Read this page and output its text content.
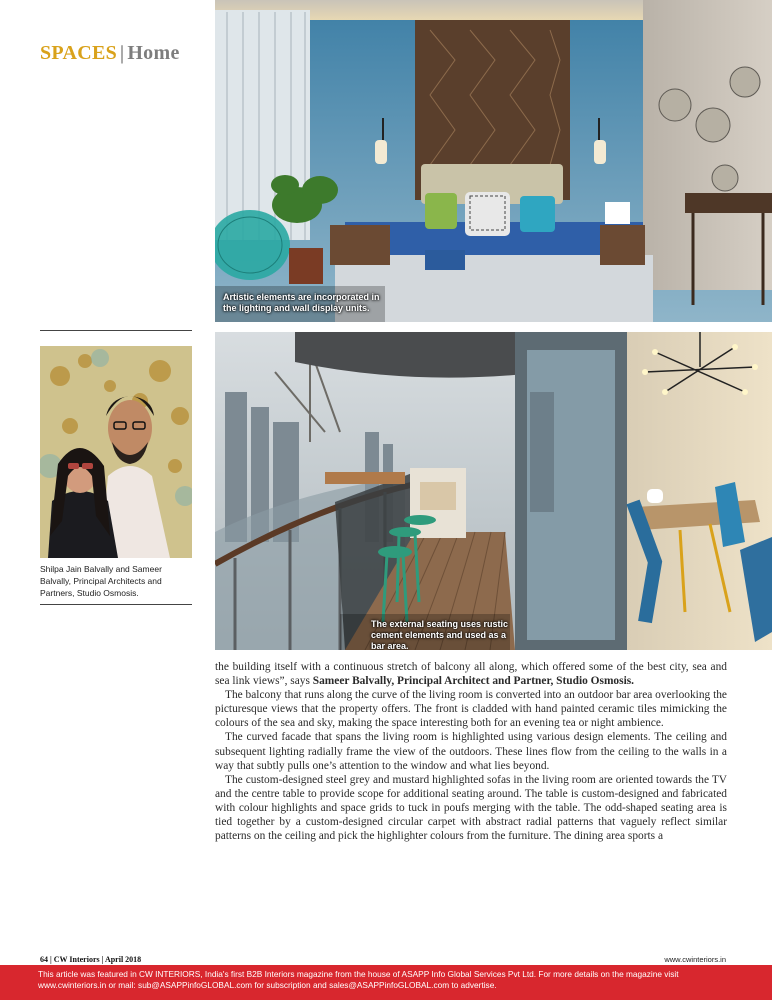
SPACES | Home
Artistic elements are incorporated in the lighting and wall display units.
Shilpa Jain Balvally and Sameer Balvally, Principal Architects and Partners, Studio Osmosis.
The external seating uses rustic cement elements and used as a bar area.

the building itself with a continuous stretch of balcony all along, which offered some of the best city, sea and sea link views”, says Sameer Balvally, Principal Architect and Partner, Studio Osmosis.

The balcony that runs along the curve of the living room is converted into an outdoor bar area overlooking the picturesque views that the property offers. The front is cladded with hand painted ceramic tiles mimicking the colours of the sea and sky, making the space interesting both for an evening tea or night ambience.

The curved facade that spans the living room is highlighted using various design elements. The ceiling and subsequent lighting radially frame the view of the outdoors. These lines flow from the ceiling to the walls in a way that subtly pulls one’s attention to the window and what lies beyond.

The custom-designed steel grey and mustard highlighted sofas in the living room are oriented towards the TV and the centre table to provide scope for additional seating around. The table is custom-designed and fabricated with colour highlights and space grids to tuck in poufs merging with the table. The odd-shaped seating area is tied together by a custom-designed circular carpet with abstract radial patterns that vaguely reflect similar patterns on the ceiling and pick the highlighter colours from the furniture. The dining area sports a

64 | CW Interiors | April 2018	www.cwinteriors.in
This article was featured in CW INTERIORS, India's first B2B Interiors magazine from the house of ASAPP Info Global Services Pvt Ltd. For more details on the magazine visit www.cwinteriors.in or mail: sub@ASAPPinfoGLOBAL.com for subscription and sales@ASAPPinfoGLOBAL.com to advertise.
